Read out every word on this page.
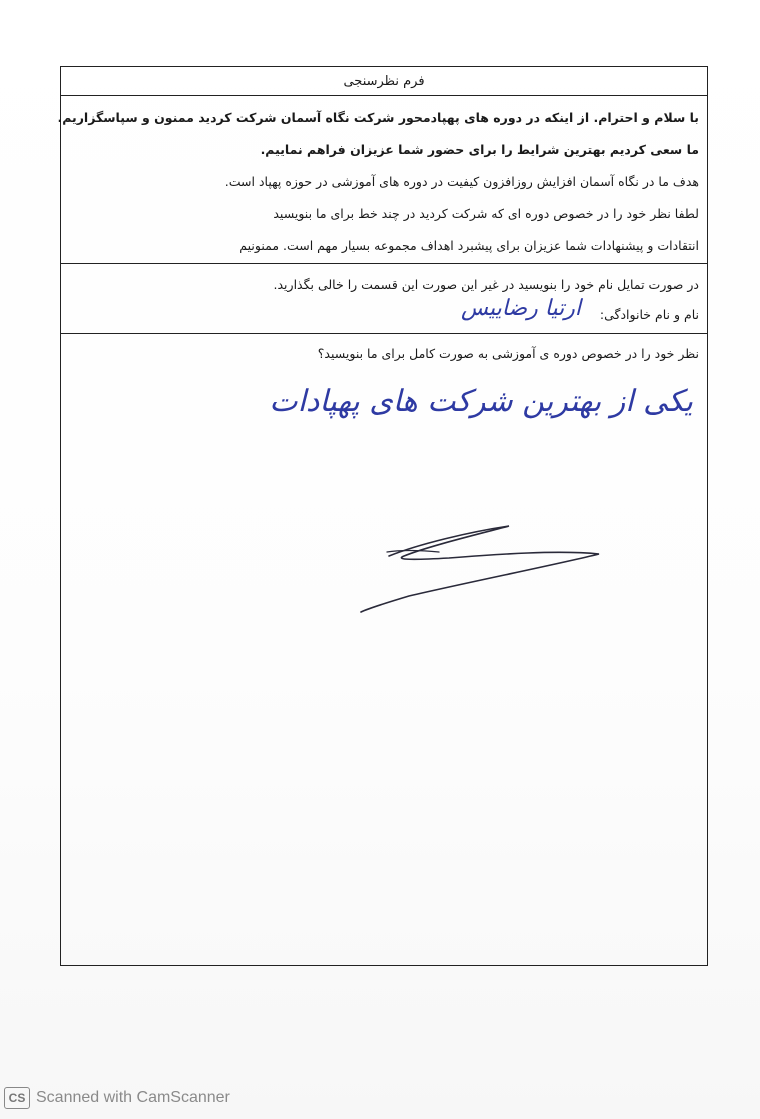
فرم نظرسنجی
با سلام و احترام. از اینکه در دوره های پهپادمحور شرکت نگاه آسمان شرکت کردید ممنون و سپاسگزاریم.
ما سعی کردیم بهترین شرایط را برای حضور شما عزیزان فراهم نماییم.
هدف ما در نگاه آسمان افزایش روزافزون کیفیت در دوره های آموزشی در حوزه پهپاد است.
لطفا نظر خود را در خصوص دوره ای که شرکت کردید در چند خط برای ما بنویسید
انتقادات و پیشنهادات شما عزیزان برای پیشبرد اهداف مجموعه بسیار مهم است. ممنونیم
در صورت تمایل نام خود را بنویسید در غیر این صورت این قسمت را خالی بگذارید.
نام و نام خانوادگی:
ارتیا رضاییس
نظر خود را در خصوص دوره ی آموزشی به صورت کامل برای ما بنویسید؟
یکی از بهترین شرکت های پهپادات
CS Scanned with CamScanner
